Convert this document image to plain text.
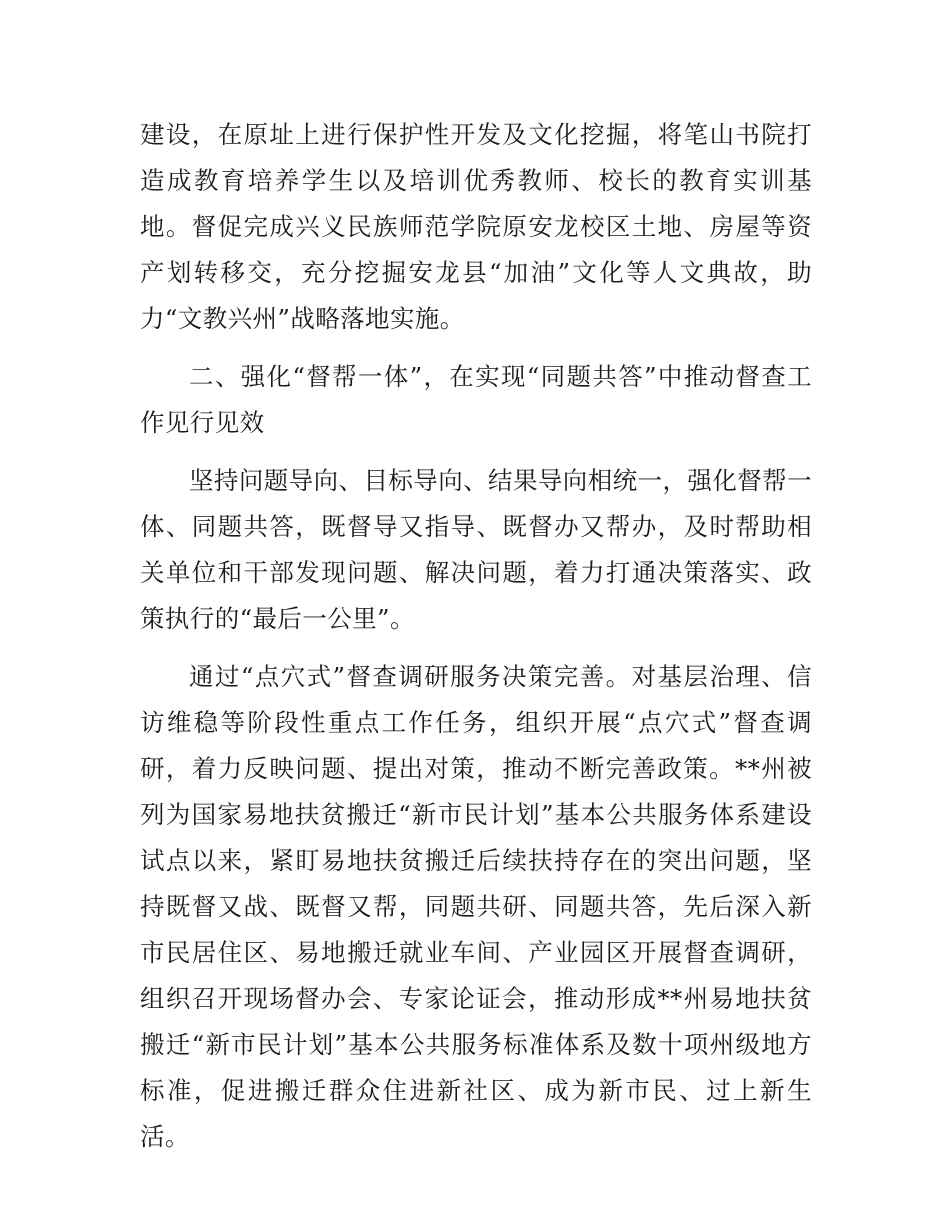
建设，在原址上进行保护性开发及文化挖掘，将笔山书院打造成教育培养学生以及培训优秀教师、校长的教育实训基地。督促完成兴义民族师范学院原安龙校区土地、房屋等资产划转移交，充分挖掘安龙县“加油”文化等人文典故，助力“文教兴州”战略落地实施。

二、强化“督帮一体”，在实现“同题共答”中推动督查工作见行见效

坚持问题导向、目标导向、结果导向相统一，强化督帮一体、同题共答，既督导又指导、既督办又帮办，及时帮助相关单位和干部发现问题、解决问题，着力打通决策落实、政策执行的“最后一公里”。

通过“点穴式”督查调研服务决策完善。对基层治理、信访维稳等阶段性重点工作任务，组织开展“点穴式”督查调研，着力反映问题、提出对策，推动不断完善政策。**州被列为国家易地扶贫搬迁“新市民计划”基本公共服务体系建设试点以来，紧盯易地扶贫搬迁后续扶持存在的突出问题，坚持既督又战、既督又帮，同题共研、同题共答，先后深入新市民居住区、易地搬迁就业车间、产业园区开展督查调研，组织召开现场督办会、专家论证会，推动形成**州易地扶贫搬迁“新市民计划”基本公共服务标准体系及数十项州级地方标准，促进搬迁群众住进新社区、成为新市民、过上新生活。
